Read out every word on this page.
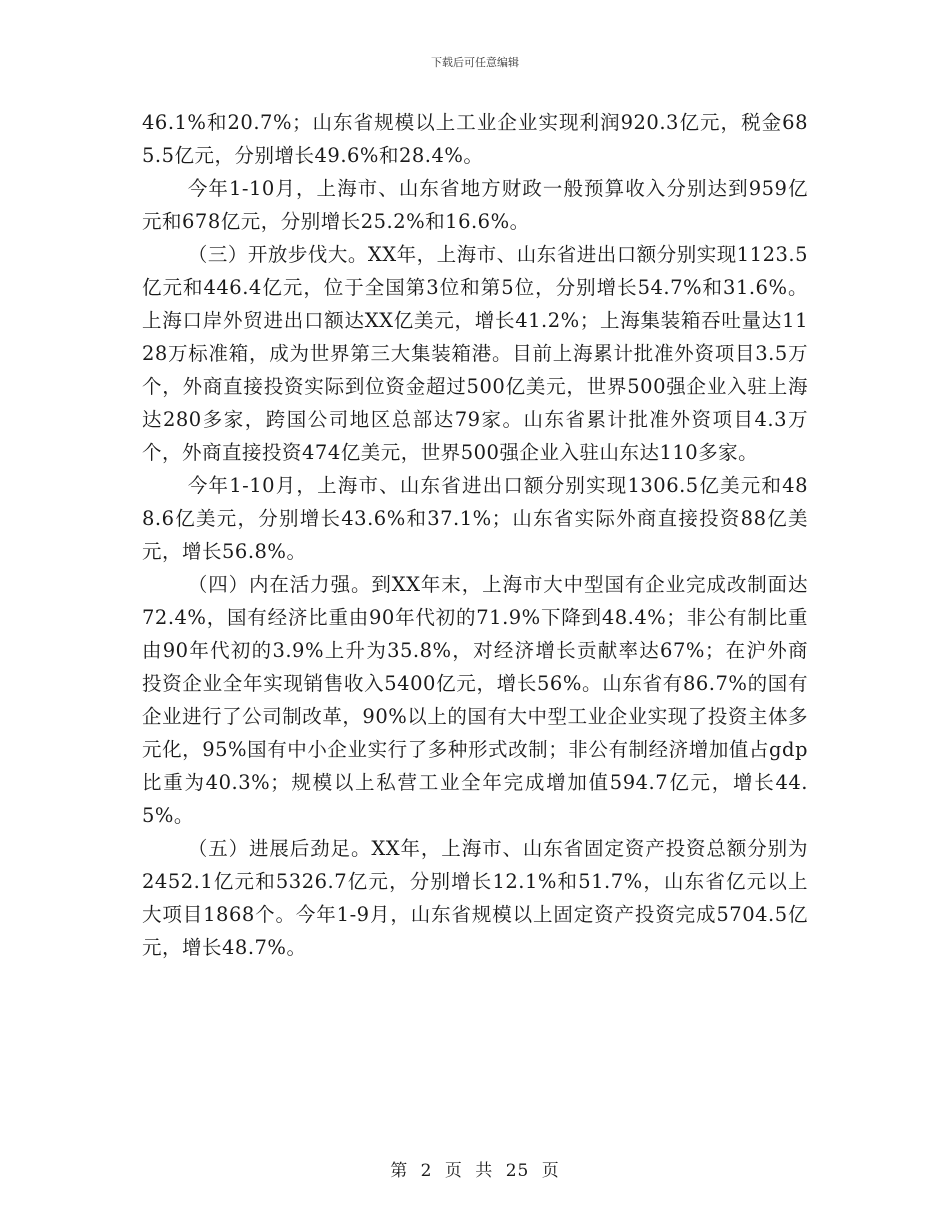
下载后可任意编辑

46.1%和20.7%；山东省规模以上工业企业实现利润920.3亿元，税金685.5亿元，分别增长49.6%和28.4%。

今年1-10月，上海市、山东省地方财政一般预算收入分别达到959亿元和678亿元，分别增长25.2%和16.6%。

（三）开放步伐大。XX年，上海市、山东省进出口额分别实现1123.5亿元和446.4亿元，位于全国第3位和第5位，分别增长54.7%和31.6%。上海口岸外贸进出口额达XX亿美元，增长41.2%；上海集装箱吞吐量达1128万标准箱，成为世界第三大集装箱港。目前上海累计批准外资项目3.5万个，外商直接投资实际到位资金超过500亿美元，世界500强企业入驻上海达280多家，跨国公司地区总部达79家。山东省累计批准外资项目4.3万个，外商直接投资474亿美元，世界500强企业入驻山东达110多家。

今年1-10月，上海市、山东省进出口额分别实现1306.5亿美元和488.6亿美元，分别增长43.6%和37.1%；山东省实际外商直接投资88亿美元，增长56.8%。

（四）内在活力强。到XX年末，上海市大中型国有企业完成改制面达72.4%，国有经济比重由90年代初的71.9%下降到48.4%；非公有制比重由90年代初的3.9%上升为35.8%，对经济增长贡献率达67%；在沪外商投资企业全年实现销售收入5400亿元，增长56%。山东省有86.7%的国有企业进行了公司制改革，90%以上的国有大中型工业企业实现了投资主体多元化，95%国有中小企业实行了多种形式改制；非公有制经济增加值占gdp比重为40.3%；规模以上私营工业全年完成增加值594.7亿元，增长44.5%。

（五）进展后劲足。XX年，上海市、山东省固定资产投资总额分别为2452.1亿元和5326.7亿元，分别增长12.1%和51.7%，山东省亿元以上大项目1868个。今年1-9月，山东省规模以上固定资产投资完成5704.5亿元，增长48.7%。

第 2 页 共 25 页
